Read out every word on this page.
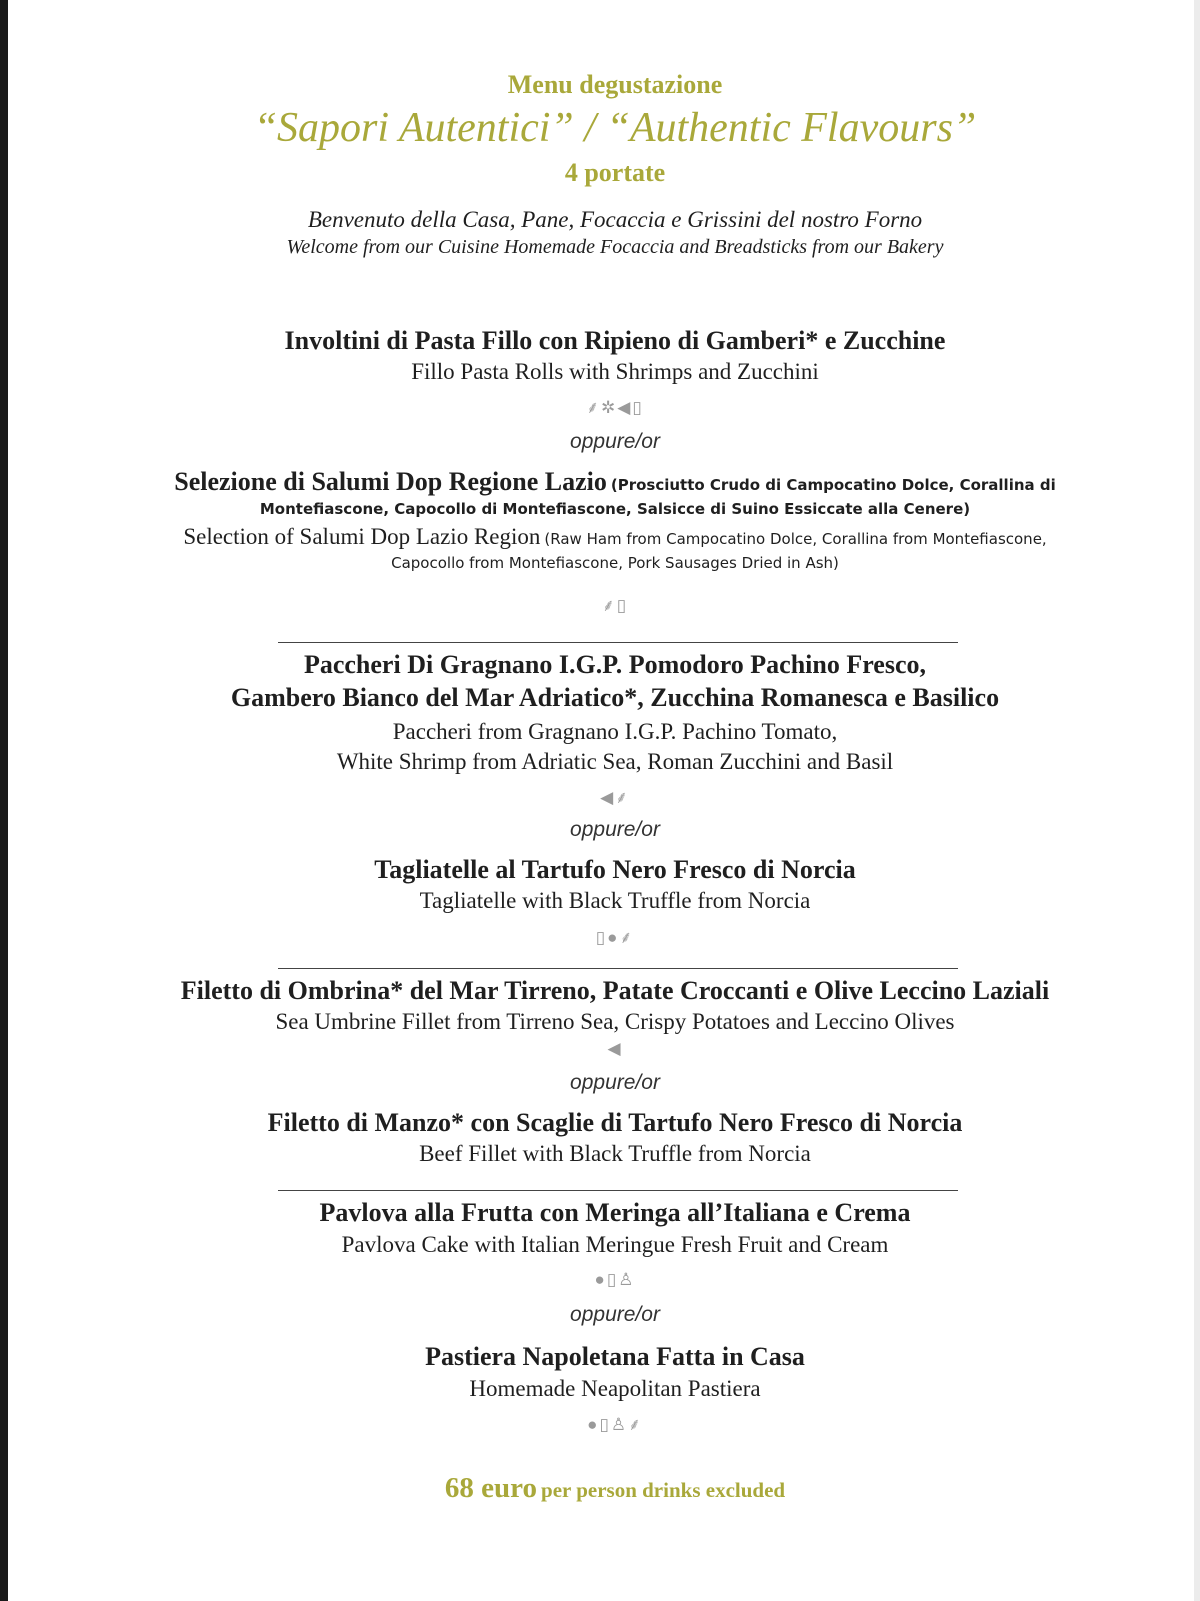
Menu degustazione
“Sapori Autentici” / “Authentic Flavours”
4 portate
Benvenuto della Casa, Pane, Focaccia e Grissini del nostro Forno
Welcome from our Cuisine Homemade Focaccia and Breadsticks from our Bakery
Involtini di Pasta Fillo con Ripieno di Gamberi* e Zucchine
Fillo Pasta Rolls with Shrimps and Zucchini
⸙✲◀▯
oppure/or
Selezione di Salumi Dop Regione Lazio (Prosciutto Crudo di Campocatino Dolce, Corallina di
Montefiascone, Capocollo di Montefiascone, Salsicce di Suino Essiccate alla Cenere)
Selection of Salumi Dop Lazio Region (Raw Ham from Campocatino Dolce, Corallina from Montefiascone,
Capocollo from Montefiascone, Pork Sausages Dried in Ash)
⸙▯
Paccheri Di Gragnano I.G.P. Pomodoro Pachino Fresco,
Gambero Bianco del Mar Adriatico*, Zucchina Romanesca e Basilico
Paccheri from Gragnano I.G.P. Pachino Tomato,
White Shrimp from Adriatic Sea, Roman Zucchini and Basil
◀⸙
oppure/or
Tagliatelle al Tartufo Nero Fresco di Norcia
Tagliatelle with Black Truffle from Norcia
▯●⸙
Filetto di Ombrina* del Mar Tirreno, Patate Croccanti e Olive Leccino Laziali
Sea Umbrine Fillet from Tirreno Sea, Crispy Potatoes and Leccino Olives
◀
oppure/or
Filetto di Manzo* con Scaglie di Tartufo Nero Fresco di Norcia
Beef Fillet with Black Truffle from Norcia
Pavlova alla Frutta con Meringa all’Italiana e Crema
Pavlova Cake with Italian Meringue Fresh Fruit and Cream
●▯♙
oppure/or
Pastiera Napoletana Fatta in Casa
Homemade Neapolitan Pastiera
●▯♙⸙
68 euro per person drinks excluded
